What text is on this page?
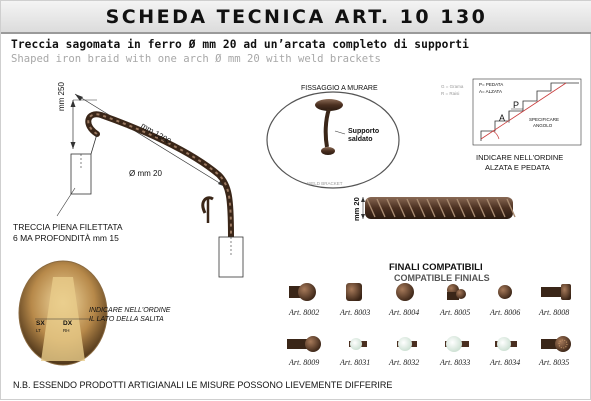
SCHEDA TECNICA ART. 10 130
Treccia sagomata in ferro Ø mm 20 ad un’arcata completo di supporti
Shaped iron braid with one arch Ø mm 20 with weld brackets
mm 250
mm 1200
Ø mm 20
TRECCIA PIENA FILETTATA
6 MA PROFONDITÀ mm 15
FISSAGGIO A MURARE
Supporto
saldato
WELD BRACKET
G = Grama
R = Raisi
P= PEDATA
A= ALZATA
P
A	SPECIFICARE
ANGOLO
INDICARE NELL'ORDINE
ALZATA E PEDATA
mm 20
INDICARE NELL'ORDINE
IL LATO DELLA SALITA
SX	DX
LT	RH
FINALI COMPATIBILI
COMPATIBLE FINIALS
Art. 8002	Art. 8003 Art. 8004	Art. 8005 Art. 8006 Art. 8008
Art. 8009	Art. 8031 Art. 8032	Art. 8033 Art. 8034 Art. 8035
N.B. ESSENDO PRODOTTI ARTIGIANALI LE MISURE POSSONO LIEVEMENTE DIFFERIRE
